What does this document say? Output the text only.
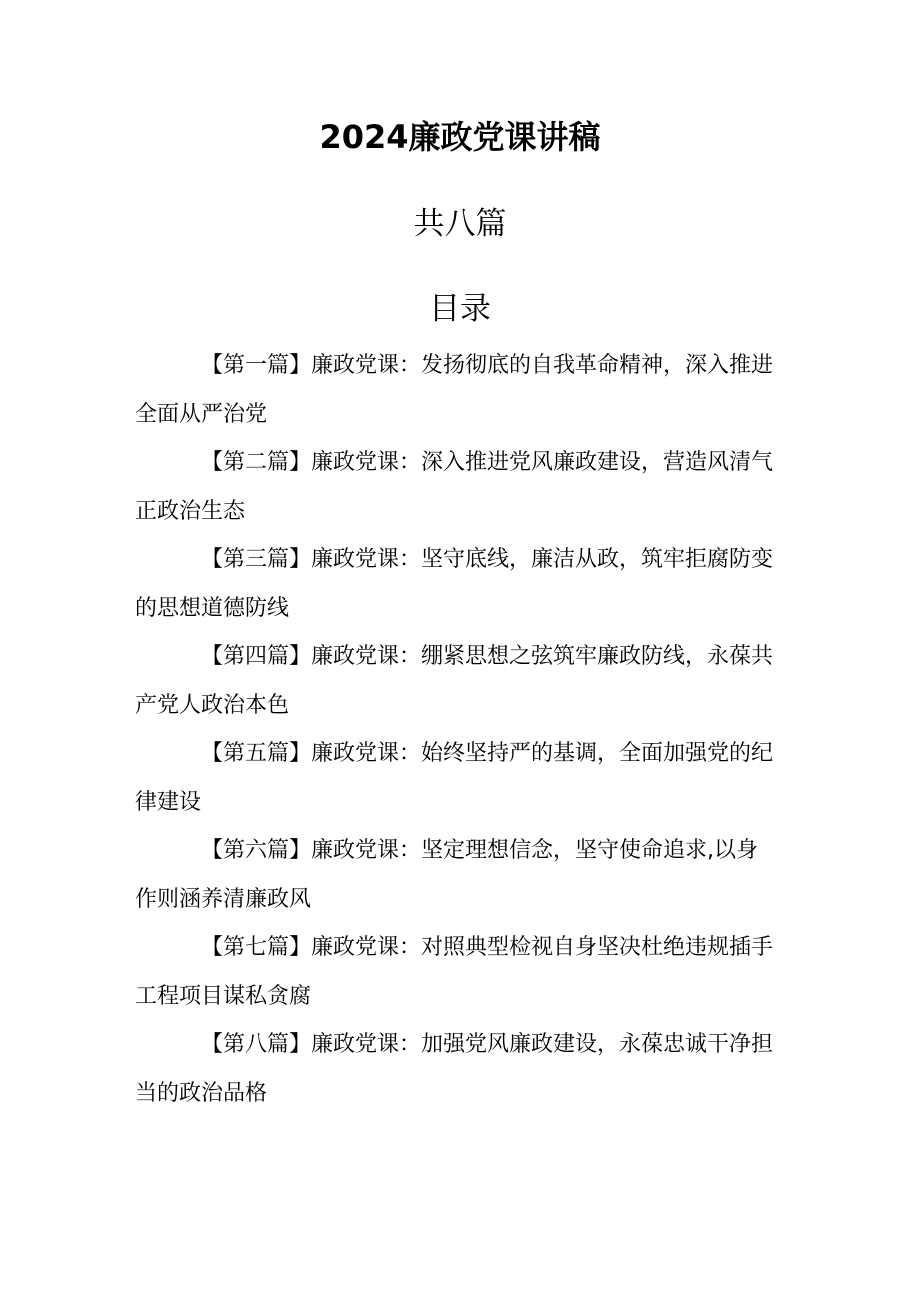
2024廉政党课讲稿
共八篇
目录
【第一篇】廉政党课：发扬彻底的自我革命精神，深入推进
全面从严治党
【第二篇】廉政党课：深入推进党风廉政建设，营造风清气
正政治生态
【第三篇】廉政党课：坚守底线，廉洁从政，筑牢拒腐防变
的思想道德防线
【第四篇】廉政党课：绷紧思想之弦筑牢廉政防线，永葆共
产党人政治本色
【第五篇】廉政党课：始终坚持严的基调，全面加强党的纪
律建设
【第六篇】廉政党课：坚定理想信念，坚守使命追求,以身
作则涵养清廉政风
【第七篇】廉政党课：对照典型检视自身坚决杜绝违规插手
工程项目谋私贪腐
【第八篇】廉政党课：加强党风廉政建设，永葆忠诚干净担
当的政治品格
